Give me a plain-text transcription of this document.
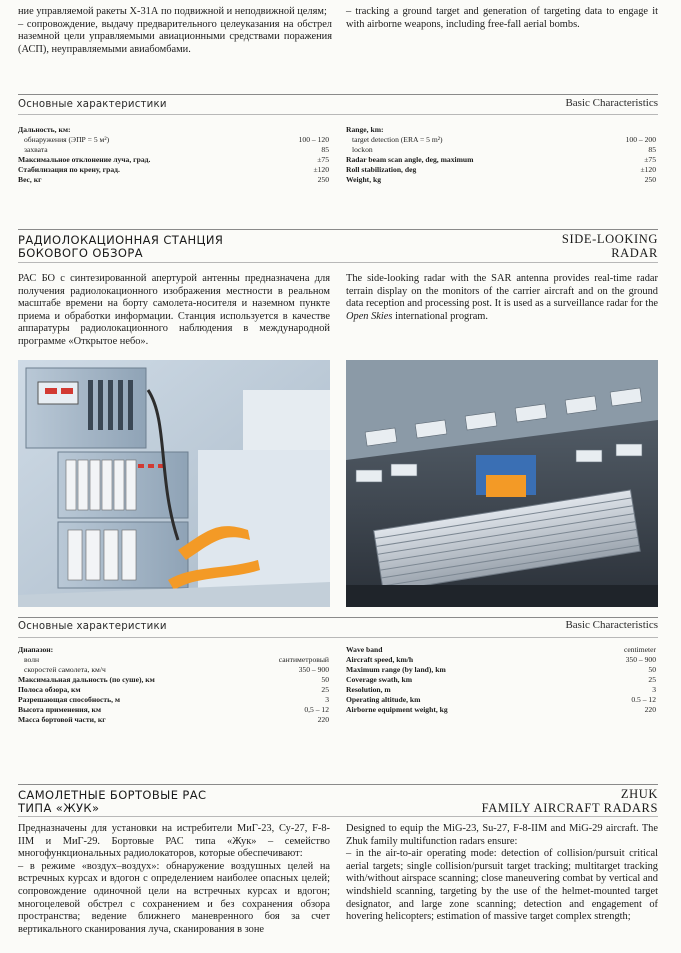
ние управляемой ракеты Х-31А по подвижной и неподвижной целям;

– сопровождение, выдачу предварительного целеуказания на обстрел наземной цели управляемыми авиационными средствами поражения (АСП), неуправляемыми авиабомбами.

– tracking a ground target and generation of targeting data to engage it with airborne weapons, including free-fall aerial bombs.

Основные характеристики	Basic Characteristics
Дальность, км:	
обнаружения (ЭПР = 5 м²)	100 – 120
захвата	85
Максимальное отклонение луча, град.	±75
Стабилизация по крену, град.	±120
Вес, кг	250
Range, km:	
target detection (ERA = 5 m²)	100 – 200
lockon	85
Radar beam scan angle, deg, maximum	±75
Roll stabilization, deg	±120
Weight, kg	250
РАДИОЛОКАЦИОННАЯ СТАНЦИЯ
БОКОВОГО ОБЗОРА
SIDE-LOOKING
RADAR

РАС БО с синтезированной апертурой антенны предназначена для получения радиолокационного изображения местности в реальном масштабе времени на борту самолета-носителя и наземном пункте приема и обработки информации. Станция используется в качестве аппаратуры радиолокационного наблюдения в международной программе «Открытое небо».

The side-looking radar with the SAR antenna provides real-time radar terrain display on the monitors of the carrier aircraft and on the ground data reception and processing post. It is used as a surveillance radar for the Open Skies international program.

Основные характеристики	Basic Characteristics
Диапазон:	
волн	сантиметровый
скоростей самолета, км/ч	350 – 900
Максимальная дальность (по суше), км	50
Полоса обзора, км	25
Разрешающая способность, м	3
Высота применения, км	0,5 – 12
Масса бортовой части, кг	220
Wave band	centimeter
Aircraft speed, km/h	350 – 900
Maximum range (by land), km	50
Coverage swath, km	25
Resolution, m	3
Operating altitude, km	0.5 – 12
Airborne equipment weight, kg	220
САМОЛЕТНЫЕ БОРТОВЫЕ РАС
ТИПА «ЖУК»
ZHUK
FAMILY AIRCRAFT RADARS

Предназначены для установки на истребители МиГ-23, Су-27, F-8-IIМ и МиГ-29. Бортовые РАС типа «Жук» – семейство многофункциональных радиолокаторов, которые обеспечивают:

– в режиме «воздух–воздух»: обнаружение воздушных целей на встречных курсах и вдогон с определением наиболее опасных целей; сопровождение одиночной цели на встречных курсах и вдогон; многоцелевой обстрел с сохранением и без сохранения обзора пространства; ведение ближнего маневренного боя за счет вертикального сканирования луча, сканирования в зоне

Designed to equip the MiG-23, Su-27, F-8-IIM and MiG-29 aircraft. The Zhuk family multifunction radars ensure:

– in the air-to-air operating mode: detection of collision/pursuit critical aerial targets; single collision/pursuit target tracking; multitarget tracking with/without airspace scanning; close maneuvering combat by vertical and windshield scanning, targeting by the use of the helmet-mounted target designator, and large zone scanning; detection and engagement of hovering helicopters; estimation of massive target complex strength;
